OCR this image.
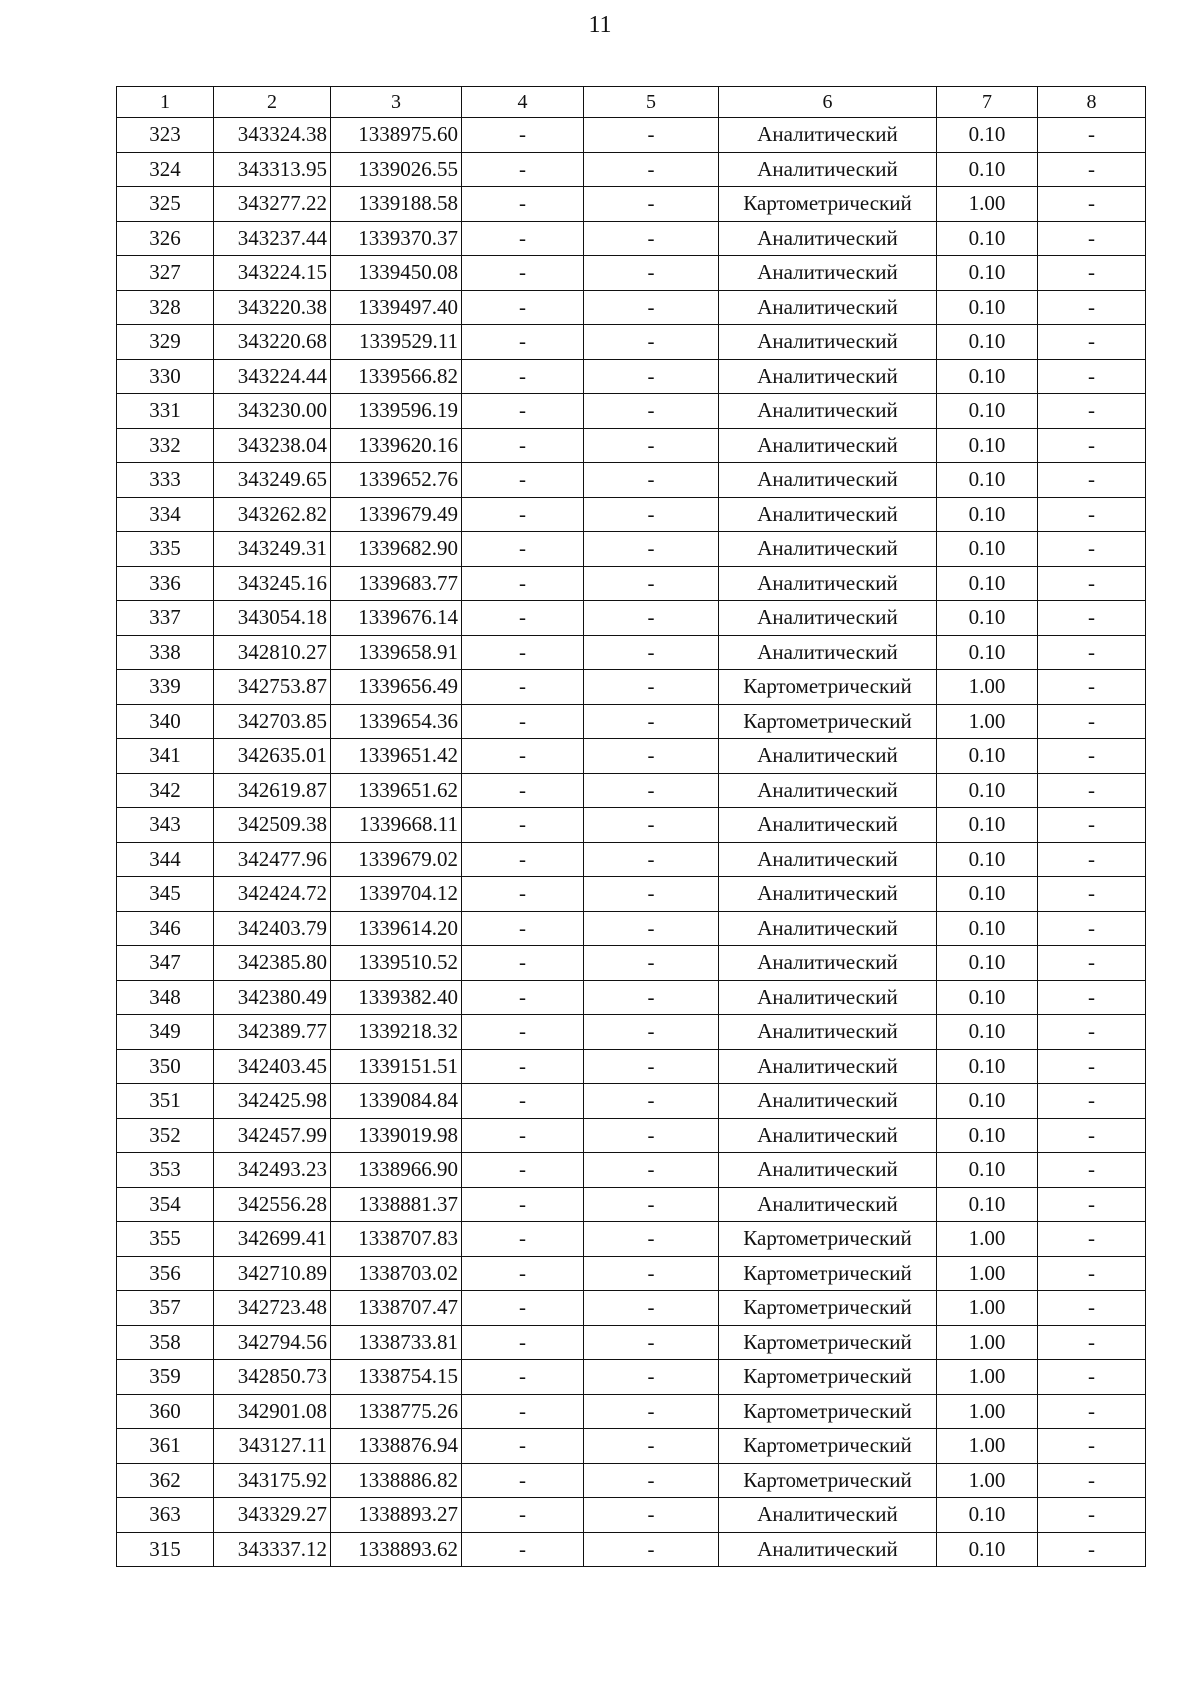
11
1	2	3	4	5	6	7	8
323	343324.38	1338975.60	-	-	Аналитический	0.10	-
324	343313.95	1339026.55	-	-	Аналитический	0.10	-
325	343277.22	1339188.58	-	-	Картометрический	1.00	-
326	343237.44	1339370.37	-	-	Аналитический	0.10	-
327	343224.15	1339450.08	-	-	Аналитический	0.10	-
328	343220.38	1339497.40	-	-	Аналитический	0.10	-
329	343220.68	1339529.11	-	-	Аналитический	0.10	-
330	343224.44	1339566.82	-	-	Аналитический	0.10	-
331	343230.00	1339596.19	-	-	Аналитический	0.10	-
332	343238.04	1339620.16	-	-	Аналитический	0.10	-
333	343249.65	1339652.76	-	-	Аналитический	0.10	-
334	343262.82	1339679.49	-	-	Аналитический	0.10	-
335	343249.31	1339682.90	-	-	Аналитический	0.10	-
336	343245.16	1339683.77	-	-	Аналитический	0.10	-
337	343054.18	1339676.14	-	-	Аналитический	0.10	-
338	342810.27	1339658.91	-	-	Аналитический	0.10	-
339	342753.87	1339656.49	-	-	Картометрический	1.00	-
340	342703.85	1339654.36	-	-	Картометрический	1.00	-
341	342635.01	1339651.42	-	-	Аналитический	0.10	-
342	342619.87	1339651.62	-	-	Аналитический	0.10	-
343	342509.38	1339668.11	-	-	Аналитический	0.10	-
344	342477.96	1339679.02	-	-	Аналитический	0.10	-
345	342424.72	1339704.12	-	-	Аналитический	0.10	-
346	342403.79	1339614.20	-	-	Аналитический	0.10	-
347	342385.80	1339510.52	-	-	Аналитический	0.10	-
348	342380.49	1339382.40	-	-	Аналитический	0.10	-
349	342389.77	1339218.32	-	-	Аналитический	0.10	-
350	342403.45	1339151.51	-	-	Аналитический	0.10	-
351	342425.98	1339084.84	-	-	Аналитический	0.10	-
352	342457.99	1339019.98	-	-	Аналитический	0.10	-
353	342493.23	1338966.90	-	-	Аналитический	0.10	-
354	342556.28	1338881.37	-	-	Аналитический	0.10	-
355	342699.41	1338707.83	-	-	Картометрический	1.00	-
356	342710.89	1338703.02	-	-	Картометрический	1.00	-
357	342723.48	1338707.47	-	-	Картометрический	1.00	-
358	342794.56	1338733.81	-	-	Картометрический	1.00	-
359	342850.73	1338754.15	-	-	Картометрический	1.00	-
360	342901.08	1338775.26	-	-	Картометрический	1.00	-
361	343127.11	1338876.94	-	-	Картометрический	1.00	-
362	343175.92	1338886.82	-	-	Картометрический	1.00	-
363	343329.27	1338893.27	-	-	Аналитический	0.10	-
315	343337.12	1338893.62	-	-	Аналитический	0.10	-
